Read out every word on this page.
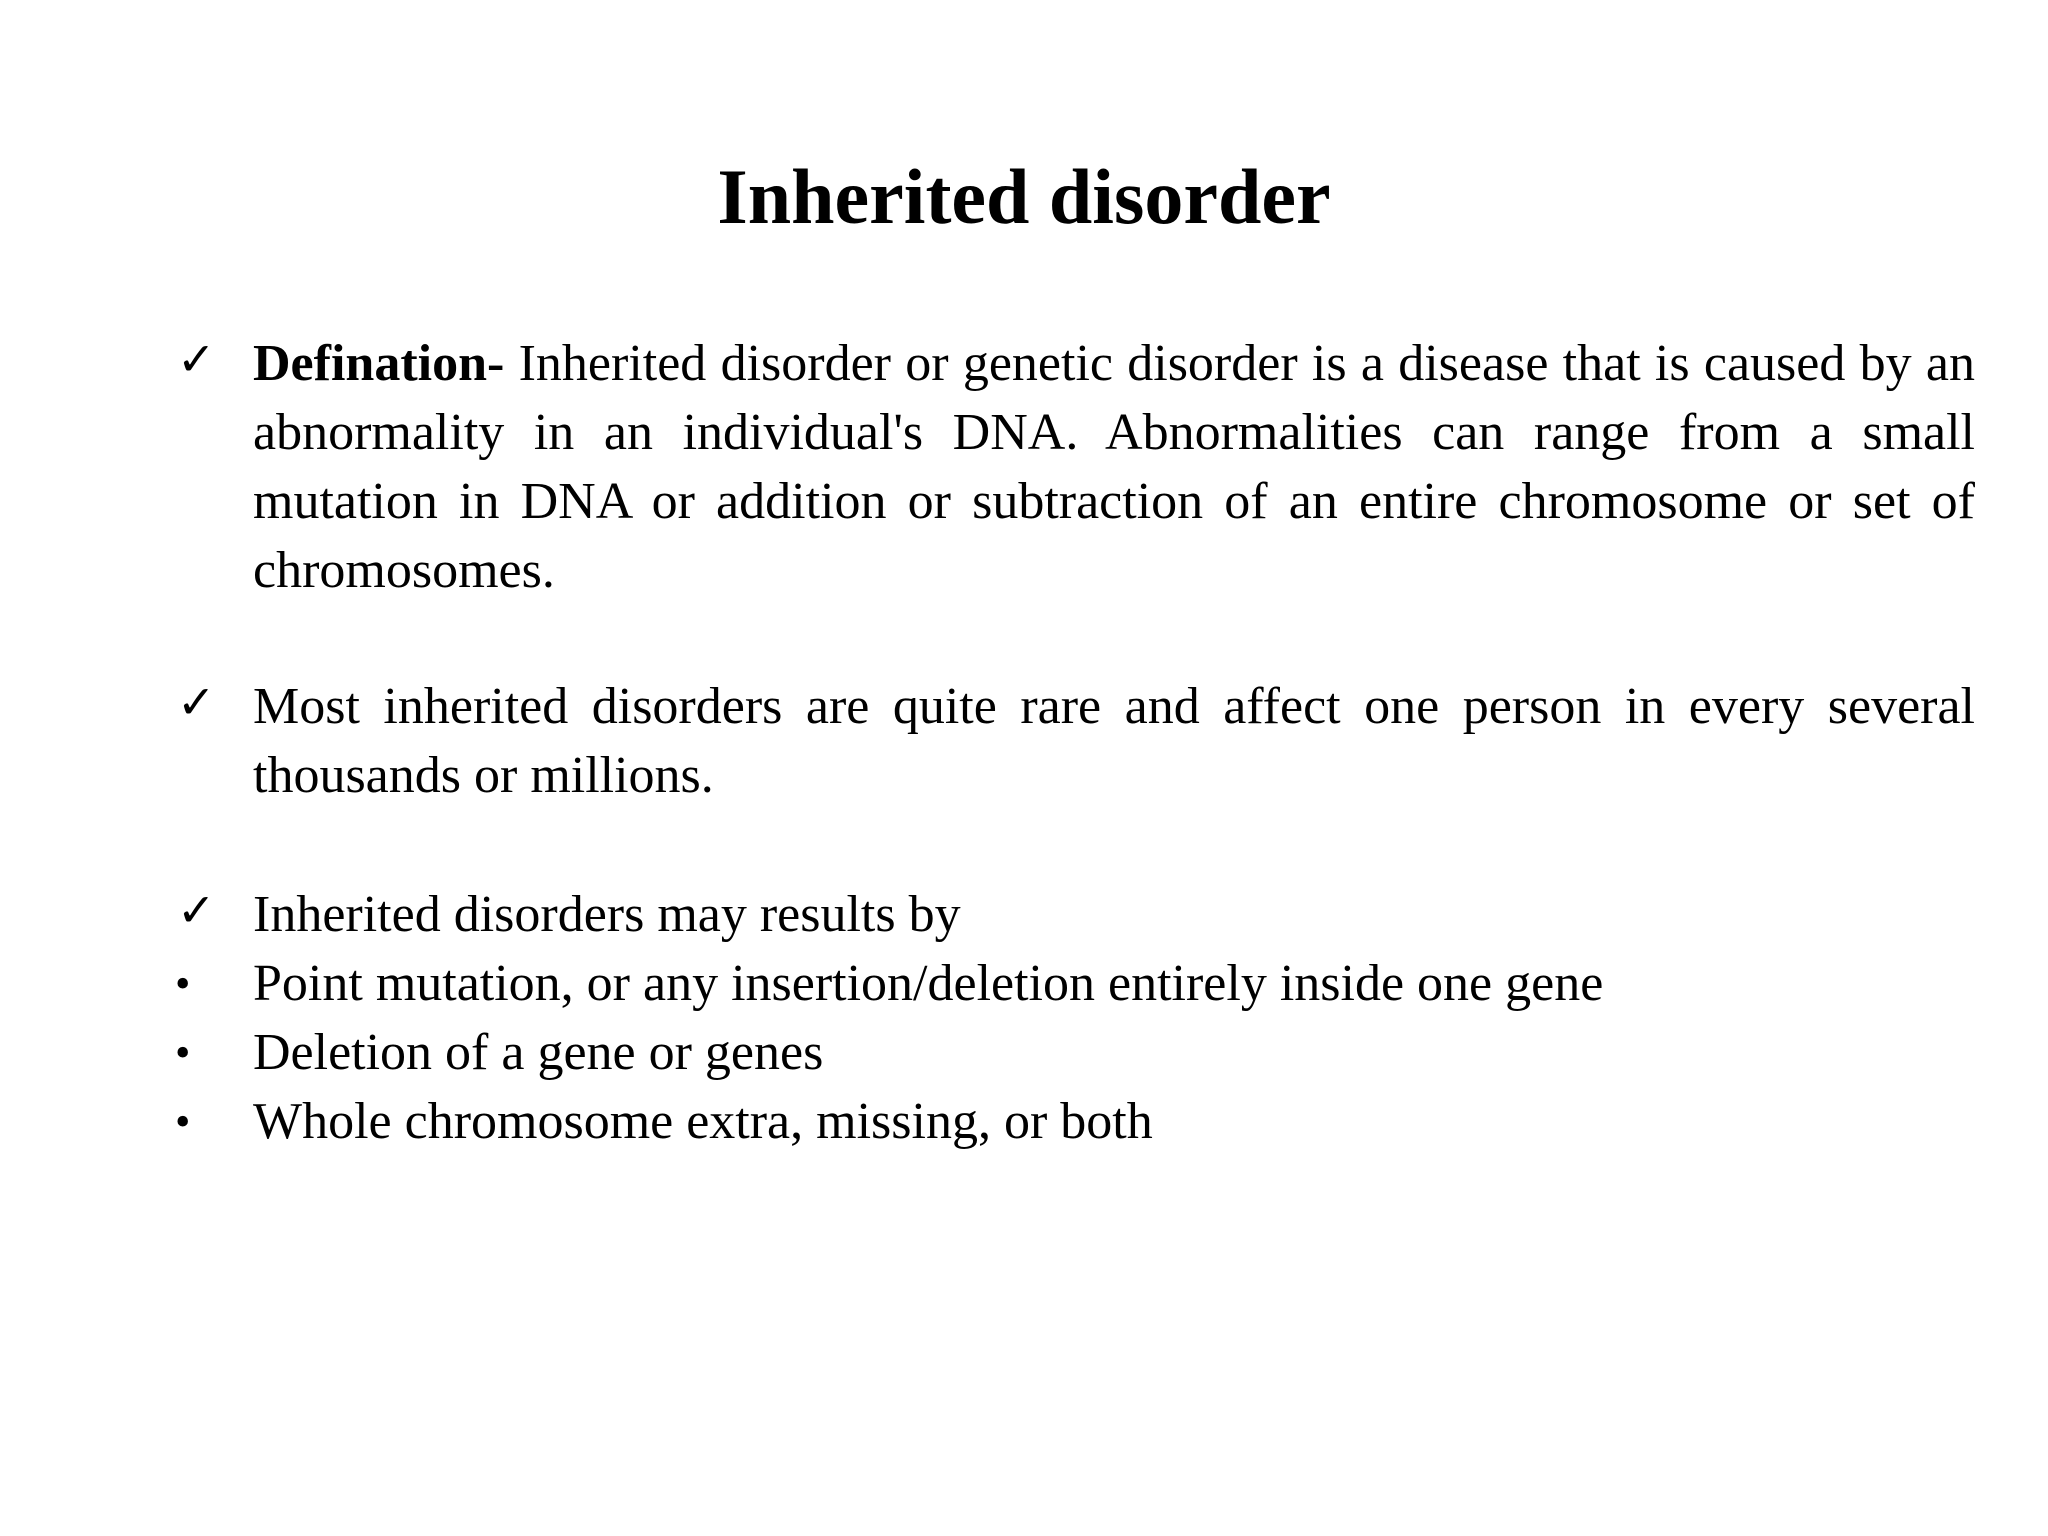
Inherited disorder
✓ Defination- Inherited disorder or genetic disorder is a disease that is caused by an abnormality in an individual's DNA. Abnormalities can range from a small mutation in DNA or addition or subtraction of an entire chromosome or set of chromosomes.
✓ Most inherited disorders are quite rare and affect one person in every several thousands or millions.
✓ Inherited disorders may results by
•	Point mutation, or any insertion/deletion entirely inside one gene
•	Deletion of a gene or genes
•	Whole chromosome extra, missing, or both
